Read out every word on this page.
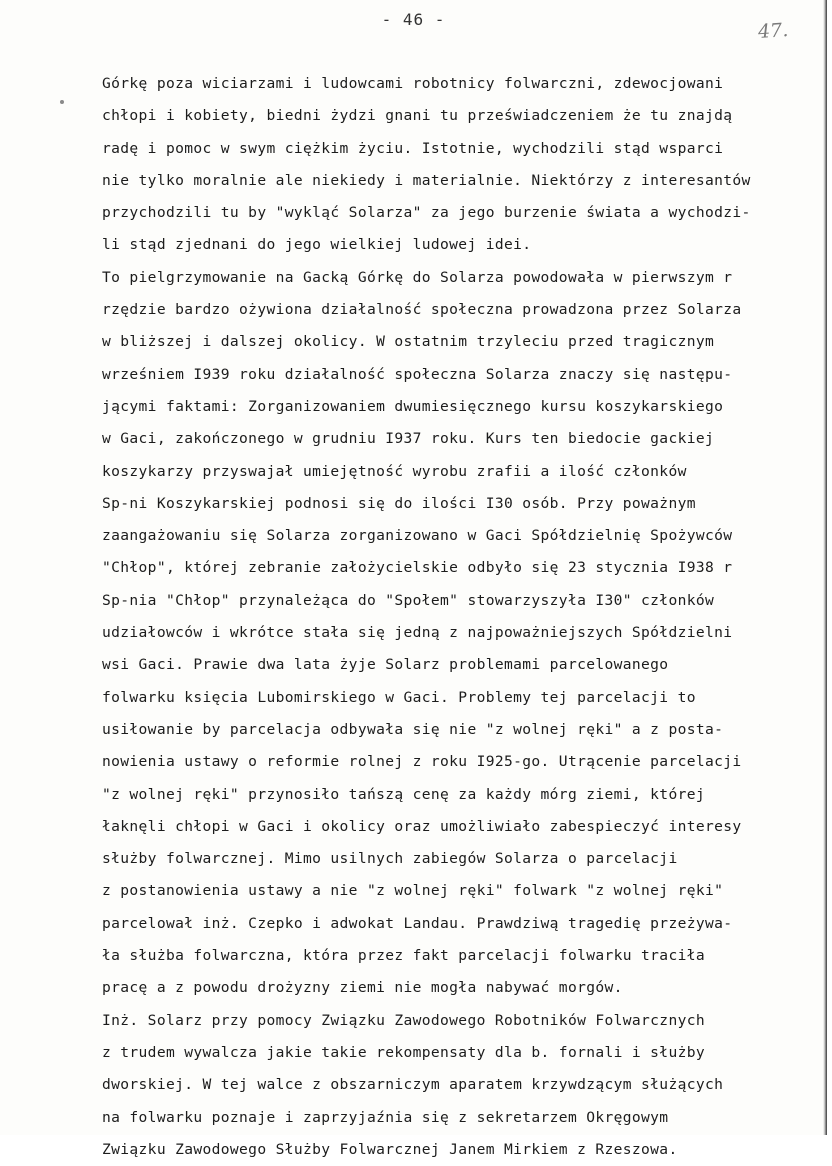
- 46 -	47.
Górkę poza wiciarzami i ludowcami robotnicy folwarczni, zdewocjowani
chłopi i kobiety, biedni żydzi gnani tu przeświadczeniem że tu znajdą
radę i pomoc w swym ciężkim życiu. Istotnie, wychodzili stąd wsparci
nie tylko moralnie ale niekiedy i materialnie. Niektórzy z interesantów
przychodzili tu by "wykląć Solarza" za jego burzenie świata a wychodzi-
li stąd zjednani do jego wielkiej ludowej idei.
To pielgrzymowanie na Gacką Górkę do Solarza powodowała w pierwszym r
rzędzie bardzo ożywiona działalność społeczna prowadzona przez Solarza
w bliższej i dalszej okolicy. W ostatnim trzyleciu przed tragicznym
wrześniem I939 roku działalność społeczna Solarza znaczy się następu-
jącymi faktami: Zorganizowaniem dwumiesięcznego kursu koszykarskiego
w Gaci, zakończonego w grudniu I937 roku. Kurs ten biedocie gackiej
koszykarzy przyswajał umiejętność wyrobu zrafii a ilość członków
Sp-ni Koszykarskiej podnosi się do ilości I30 osób. Przy poważnym
zaangażowaniu się Solarza zorganizowano w Gaci Spółdzielnię Spożywców
"Chłop", której zebranie założycielskie odbyło się 23 stycznia I938 r
Sp-nia "Chłop" przynależąca do "Społem" stowarzyszyła I30" członków
udziałowców i wkrótce stała się jedną z najpoważniejszych Spółdzielni
wsi Gaci. Prawie dwa lata żyje Solarz problemami parcelowanego
folwarku księcia Lubomirskiego w Gaci. Problemy tej parcelacji to
usiłowanie by parcelacja odbywała się nie "z wolnej ręki" a z posta-
nowienia ustawy o reformie rolnej z roku I925-go. Utrącenie parcelacji
"z wolnej ręki" przynosiło tańszą cenę za każdy mórg ziemi, której
łaknęli chłopi w Gaci i okolicy oraz umożliwiało zabespieczyć interesy
służby folwarcznej. Mimo usilnych zabiegów Solarza o parcelacji
z postanowienia ustawy a nie "z wolnej ręki" folwark "z wolnej ręki"
parcelował inż. Czepko i adwokat Landau. Prawdziwą tragedię przeżywa-
ła służba folwarczna, która przez fakt parcelacji folwarku traciła
pracę a z powodu drożyzny ziemi nie mogła nabywać morgów.
Inż. Solarz przy pomocy Związku Zawodowego Robotników Folwarcznych
z trudem wywalcza jakie takie rekompensaty dla b. fornali i służby
dworskiej. W tej walce z obszarniczym aparatem krzywdzącym służących
na folwarku poznaje i zaprzyjaźnia się z sekretarzem Okręgowym
Związku Zawodowego Służby Folwarcznej Janem Mirkiem z Rzeszowa.
